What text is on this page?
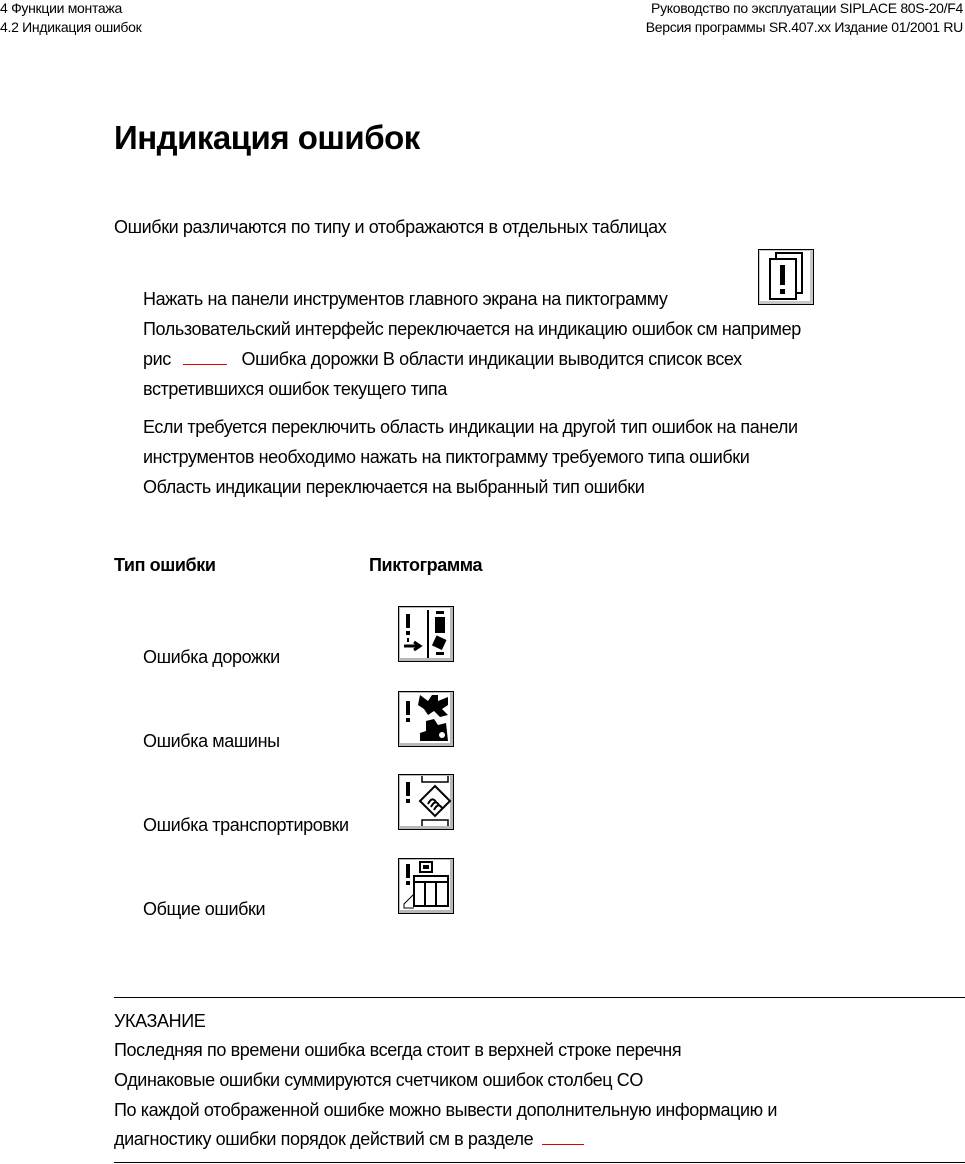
4 Функции монтажа
4.2 Индикация ошибок
Руководство по эксплуатации SIPLACE 80S-20/F4
Версия программы SR.407.xx Издание 01/2001 RU
Индикация ошибок
Ошибки различаются по типу и отображаются в отдельных таблицах
Нажать на панели инструментов главного экрана на пиктограмму
Пользовательский интерфейс переключается на индикацию ошибок см например
рис	Ошибка дорожки В области индикации выводится список всех
встретившихся ошибок текущего типа
Если требуется переключить область индикации на другой тип ошибок на панели
инструментов необходимо нажать на пиктограмму требуемого типа ошибки
Область индикации переключается на выбранный тип ошибки
Тип ошибки	Пиктограмма
Ошибка дорожки
Ошибка машины
Ошибка транспортировки
Общие ошибки
УКАЗАНИЕ
Последняя по времени ошибка всегда стоит в верхней строке перечня
Одинаковые ошибки суммируются счетчиком ошибок столбец CO
По каждой отображенной ошибке можно вывести дополнительную информацию и
диагностику ошибки порядок действий см в разделе
